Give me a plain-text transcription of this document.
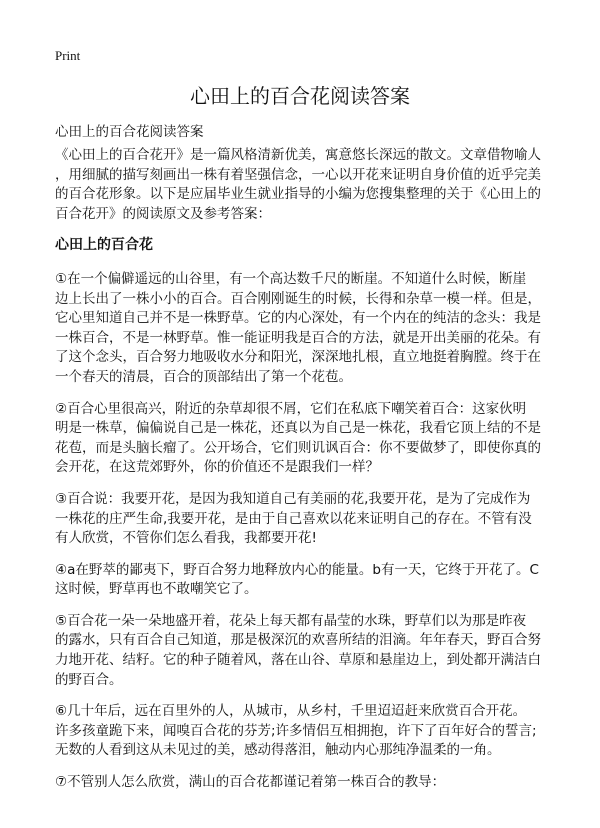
Print
心田上的百合花阅读答案
心田上的百合花阅读答案
《心田上的百合花开》是一篇风格清新优美，寓意悠长深远的散文。文章借物喻人
，用细腻的描写刻画出一株有着坚强信念，一心以开花来证明自身价值的近乎完美
的百合花形象。以下是应届毕业生就业指导的小编为您搜集整理的关于《心田上的
百合花开》的阅读原文及参考答案：
心田上的百合花
①在一个偏僻遥远的山谷里，有一个高达数千尺的断崖。不知道什么时候，断崖
边上长出了一株小小的百合。百合刚刚诞生的时候，长得和杂草一模一样。但是，
它心里知道自己并不是一株野草。它的内心深处，有一个内在的纯洁的念头：我是
一株百合，不是一林野草。惟一能证明我是百合的方法，就是开出美丽的花朵。有
了这个念头，百合努力地吸收水分和阳光，深深地扎根，直立地挺着胸膛。终于在
一个春天的清晨，百合的顶部结出了第一个花苞。
②百合心里很高兴，附近的杂草却很不屑，它们在私底下嘲笑着百合：这家伙明
明是一株草，偏偏说自己是一株花，还真以为自己是一株花，我看它顶上结的不是
花苞，而是头脑长瘤了。公开场合，它们则讥讽百合：你不要做梦了，即使你真的
会开花，在这荒郊野外，你的价值还不是跟我们一样？
③百合说：我要开花，是因为我知道自己有美丽的花,我要开花，是为了完成作为
一株花的庄严生命,我要开花，是由于自己喜欢以花来证明自己的存在。不管有没
有人欣赏，不管你们怎么看我，我都要开花!
④a在野萃的鄙夷下，野百合努力地释放内心的能量。b有一天，它终于开花了。C
这时候，野草再也不敢嘲笑它了。
⑤百合花一朵一朵地盛开着，花朵上每天都有晶莹的水珠，野草们以为那是昨夜
的露水，只有百合自己知道，那是极深沉的欢喜所结的泪滴。年年春天，野百合努
力地开花、结籽。它的种子随着风，落在山谷、草原和悬崖边上，到处都开满洁白
的野百合。
⑥几十年后，远在百里外的人，从城市，从乡村，千里迢迢赶来欣赏百合开花。
许多孩童跪下来，闻嗅百合花的芬芳;许多情侣互相拥抱，许下了百年好合的誓言;
无数的人看到这从未见过的美，感动得落泪，触动内心那纯净温柔的一角。
⑦不管别人怎么欣赏，满山的百合花都谨记着第一株百合的教导：
